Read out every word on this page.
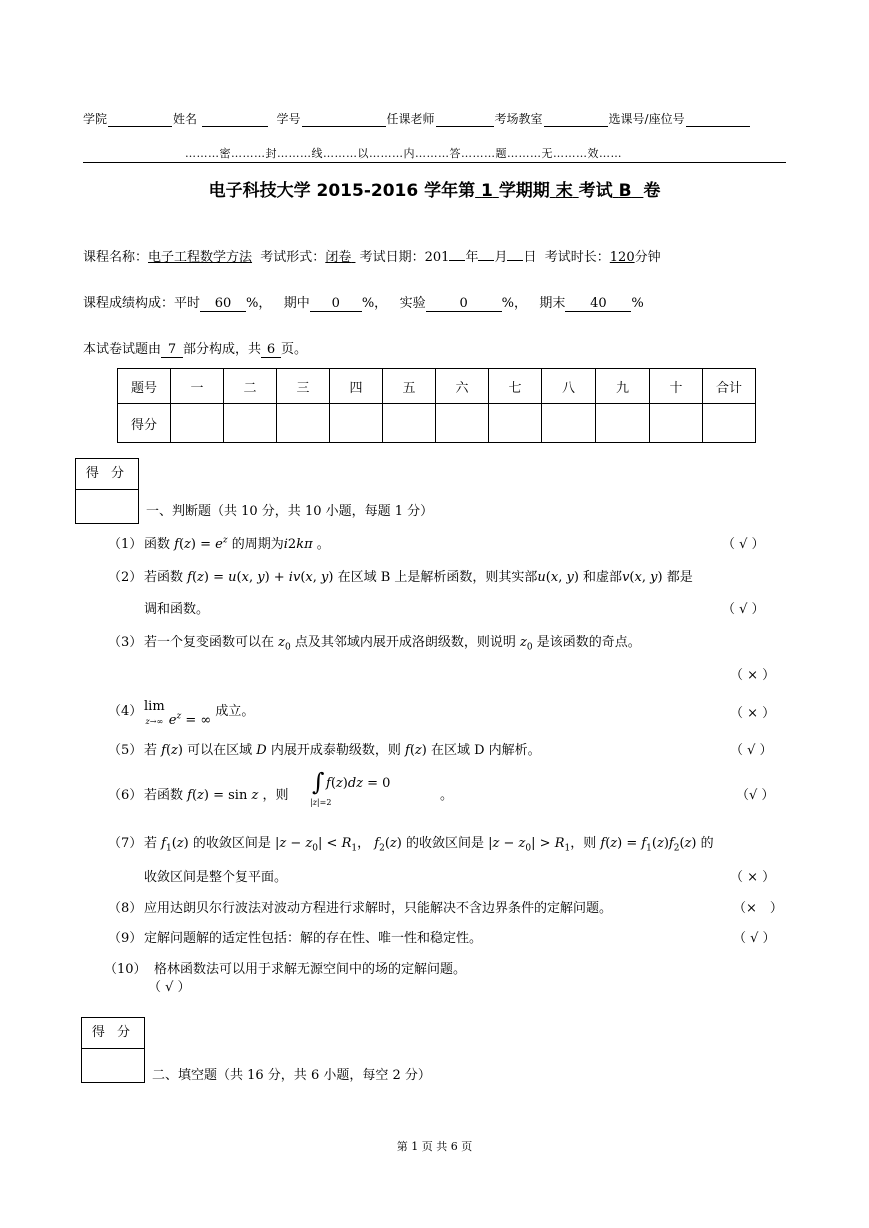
学院	姓名	学号	任课老师	考场教室	选课号/座位号
………密………封………线………以………内………答………题………无………效……
电子科技大学 2015-2016 学年第 1 学期期 末 考试 B 卷
课程名称：电子工程数学方法 考试形式：闭卷 考试日期：201 年 月 日 考试时长：120分钟
课程成绩构成：平时 60 %， 期中 0 %， 实验	0	%， 期末 40 %
本试卷试题由 7 部分构成，共 6 页。
题号	一	二	三	四	五	六	七	八	九	十	合计
得分											
得 分
一、判断题（共 10 分，共 10 小题，每题 1 分）
（1） 函数 $f(z) = e^z$ 的周期为i2kπ 。	（ √ ）
（2） 若函数 f(z) = u(x, y) + iv(x, y) 在区域 B 上是解析函数，则其实部u(x, y) 和虚部v(x, y) 都是
调和函数。	（ √ ）
（3） 若一个复变函数可以在 $z_0$ 点及其邻域内展开成洛朗级数，则说明 $z_0$ 是该函数的奇点。
（ × ）
（4） lim
z→∞ $e^z$ = ∞ 成立。	（ × ）
（5） 若 f(z) 可以在区域 D 内展开成泰勒级数，则 f(z) 在区域 D 内解析。	（ √ ）
（6） 若函数 f(z) = sin z ，则 ∫
|z|=2
f(z)dz = 0
。	（√ ）
（7） 若 $f_1(z)$ 的收敛区间是 $|z - z_0| < R_1$， $f_2(z)$ 的收敛区间是 $|z - z_0| > R_1$，则 $f(z) = f_1(z)f_2(z)$ 的
收敛区间是整个复平面。	（ × ）
（8） 应用达朗贝尔行波法对波动方程进行求解时，只能解决不含边界条件的定解问题。	（×　）
（9） 定解问题解的适定性包括：解的存在性、唯一性和稳定性。	（ √ ）
（10） 格林函数法可以用于求解无源空间中的场的定解问题。
（ √ ）
得 分
二、填空题（共 16 分，共 6 小题，每空 2 分）
第 1 页 共 6 页
